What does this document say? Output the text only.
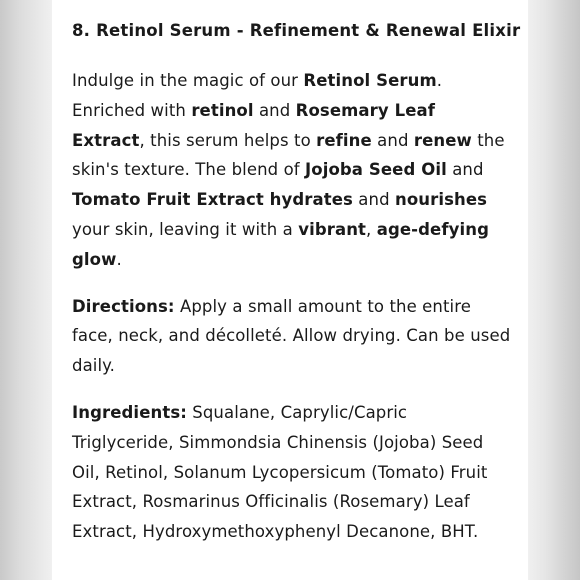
8. Retinol Serum - Refinement & Renewal Elixir

Indulge in the magic of our Retinol Serum. Enriched with retinol and Rosemary Leaf Extract, this serum helps to refine and renew the skin's texture. The blend of Jojoba Seed Oil and Tomato Fruit Extract hydrates and nourishes your skin, leaving it with a vibrant, age-defying glow.

Directions: Apply a small amount to the entire face, neck, and décolleté. Allow drying. Can be used daily.

Ingredients: Squalane, Caprylic/Capric Triglyceride, Simmondsia Chinensis (Jojoba) Seed Oil, Retinol, Solanum Lycopersicum (Tomato) Fruit Extract, Rosmarinus Officinalis (Rosemary) Leaf Extract, Hydroxymethoxyphenyl Decanone, BHT.
